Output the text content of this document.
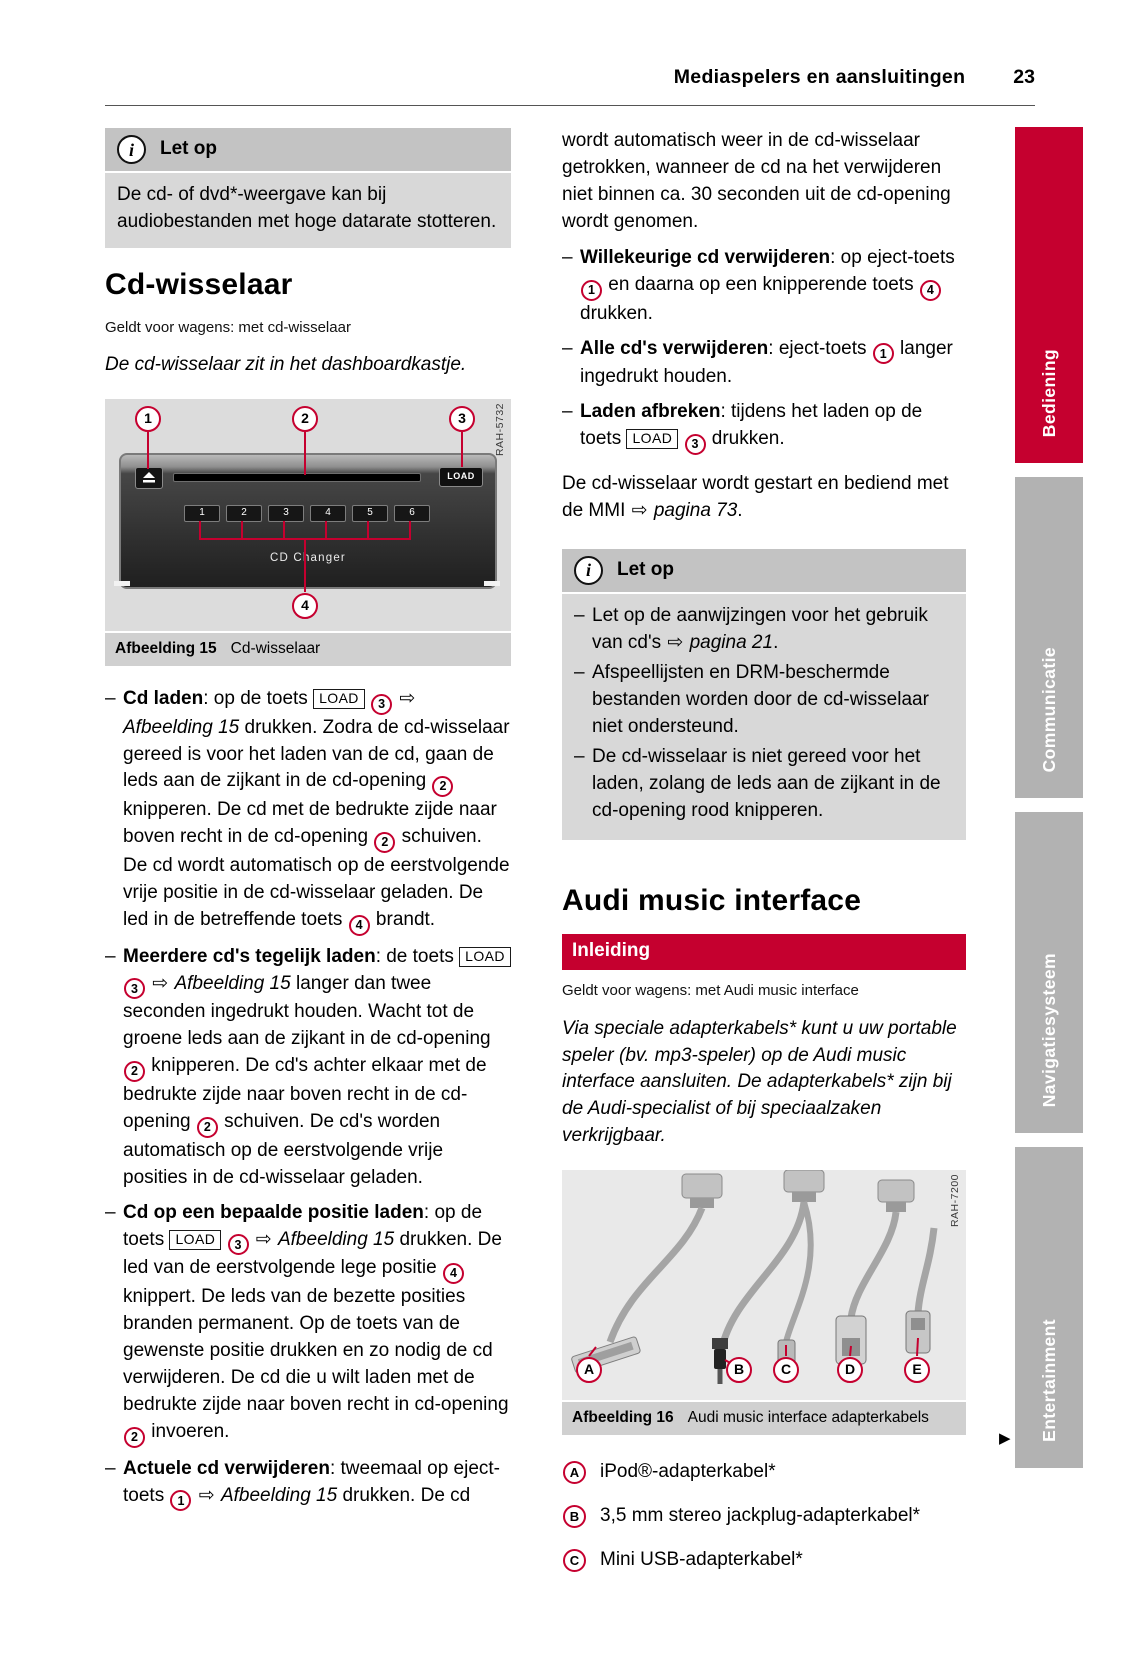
Mediaspelers en aansluitingen 23
i Let op
De cd- of dvd*-weergave kan bij audiobestanden met hoge datarate stotteren.
Cd-wisselaar
Geldt voor wagens: met cd-wisselaar
De cd-wisselaar zit in het dashboardkastje.
1	2	3
4
LOAD
1	2	3	4	5	6
CD Changer
RAH-5732
Afbeelding 15 Cd-wisselaar
– Cd laden: op de toets LOAD 3 ⇨ Afbeelding 15 drukken. Zodra de cd-wisselaar gereed is voor het laden van de cd, gaan de leds aan de zijkant in de cd-opening 2 knipperen. De cd met de bedrukte zijde naar boven recht in de cd-opening 2 schuiven. De cd wordt automatisch op de eerstvolgende vrije positie in de cd-wisselaar geladen. De led in de betreffende toets 4 brandt.
– Meerdere cd's tegelijk laden: de toets LOAD 3 ⇨ Afbeelding 15 langer dan twee seconden ingedrukt houden. Wacht tot de groene leds aan de zijkant in de cd-opening 2 knipperen. De cd's achter elkaar met de bedrukte zijde naar boven recht in de cd-opening 2 schuiven. De cd's worden automatisch op de eerstvolgende vrije posities in de cd-wisselaar geladen.
– Cd op een bepaalde positie laden: op de toets LOAD 3 ⇨ Afbeelding 15 drukken. De led van de eerstvolgende lege positie 4 knippert. De leds van de bezette posities branden permanent. Op de toets van de gewenste positie drukken en zo nodig de cd verwijderen. De cd die u wilt laden met de bedrukte zijde naar boven recht in cd-opening 2 invoeren.
– Actuele cd verwijderen: tweemaal op eject-toets 1 ⇨ Afbeelding 15 drukken. De cd

wordt automatisch weer in de cd-wisselaar getrokken, wanneer de cd na het verwijderen niet binnen ca. 30 seconden uit de cd-opening wordt genomen.

– Willekeurige cd verwijderen: op eject-toets 1 en daarna op een knipperende toets 4 drukken.
– Alle cd's verwijderen: eject-toets 1 langer ingedrukt houden.
– Laden afbreken: tijdens het laden op de toets LOAD 3 drukken.

De cd-wisselaar wordt gestart en bediend met de MMI ⇨ pagina 73.

i Let op
– Let op de aanwijzingen voor het gebruik van cd's ⇨ pagina 21.
– Afspeellijsten en DRM-beschermde bestanden worden door de cd-wisselaar niet ondersteund.
– De cd-wisselaar is niet gereed voor het laden, zolang de leds aan de zijkant in de cd-opening rood knipperen.
Audi music interface
Inleiding
Geldt voor wagens: met Audi music interface
Via speciale adapterkabels* kunt u uw portable speler (bv. mp3-speler) op de Audi music interface aansluiten. De adapterkabels* zijn bij de Audi-specialist of bij speciaalzaken verkrijgbaar.
A	B	C	D	E
RAH-7200
Afbeelding 16 Audi music interface adapterkabels
A	iPod®-adapterkabel*
B	3,5 mm stereo jackplug-adapterkabel*
C	Mini USB-adapterkabel*
Bediening
Communicatie
Navigatiesysteem
Entertainment
▶
